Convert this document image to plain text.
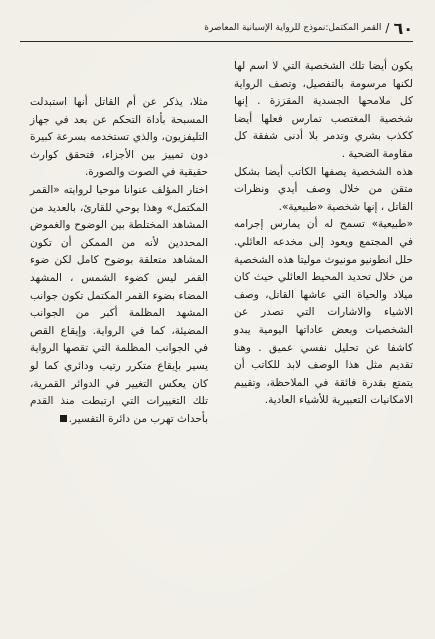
٦٠
/
القمر المكتمل:نموذج للرواية الإسبانية المعاصرة

يكون أيضا تلك الشخصية التي لا اسم لها لكنها مرسومة بالتفصيل، وتصف الرواية كل ملامحها الجسدية المقززة . إنها شخصية المغتصب تمارس فعلها أيضا ككذب بشري وتدمر بلا أدنى شفقة كل مقاومة الضحية .

هذه الشخصية يصفها الكاتب أيضا بشكل متقن من خلال وصف أيدي ونظرات القاتل ، إنها شخصية «طبيعية».

«طبيعية» تسمح له أن يمارس إجرامه في المجتمع ويعود إلى مخدعه العائلي. حلل انطونيو مونيوث موليتا هذه الشخصية من خلال تحديد المحيط العائلي حيث كان ميلاد والحياة التي عاشها القاتل، وصف الاشياء والاشارات التي تصدر عن الشخصيات وبعض عاداتها اليومية يبدو كاشفا عن تحليل نفسي عميق . وهنا تقديم مثل هذا الوصف لابد للكاتب أن يتمتع بقدرة فائقة في الملاحظة، وتقييم الامكانيات التعبيرية للأشياء العادية.

مثلا، يذكر عن أم القاتل أنها استبدلت المسبحة بأداة التحكم عن بعد في جهاز التليفزيون، والذي تستخدمه بسرعة كبيرة دون تمييز بين الأجزاء، فتحقق كوارث حقيقية في الصوت والصورة.

اختار المؤلف عنوانا موحيا لروايته «القمر المكتمل» وهذا يوحي للقارئ، بالعديد من المشاهد المختلطة بين الوضوح والغموض المحددين لأنه من الممكن أن تكون المشاهد متعلقة بوضوح كامل لكن ضوء القمر ليس كضوء الشمس ، المشهد المضاء بضوء القمر المكتمل تكون جوانب المشهد المظلمة أكبر من الجوانب المضيئة، كما في الرواية. وإيقاع القص في الجوانب المظلمة التي تقصها الرواية يسير بإيقاع متكرر رتيب ودائري كما لو كان يعكس التغيير في الدوائر القمرية، تلك التغييرات التي ارتبطت منذ القدم بأحداث تهرب من دائرة التفسير.
